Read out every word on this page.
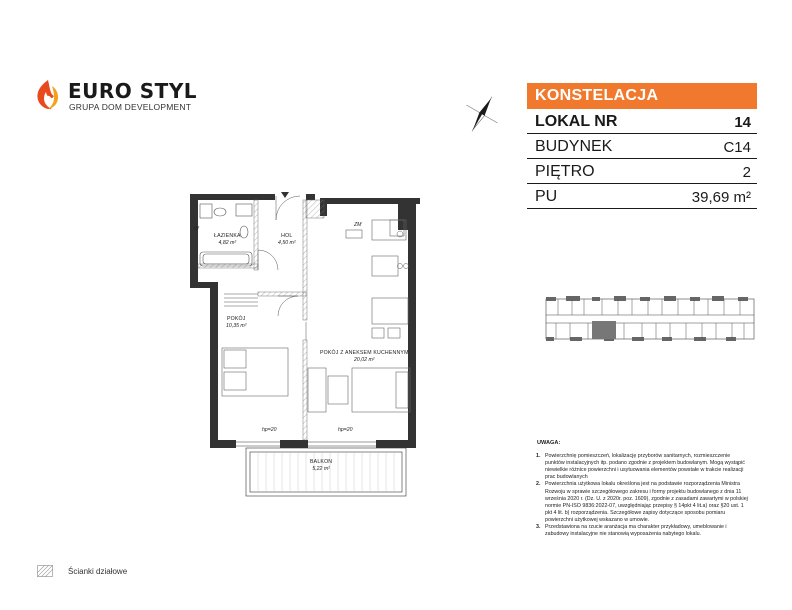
EURO STYL
GRUPA DOM DEVELOPMENT
KONSTELACJA
LOKAL NR	14
BUDYNEK	C14
PIĘTRO	2
PU	39,69 m²
ŁAZIENKA
4,82 m²
HOL
4,50 m²
POKÓJ
10,35 m²
POKÓJ Z ANEKSEM KUCHENNYM
20,02 m²
BALKON
5,22 m²
ZM
W
hp=20	hp=20
UWAGA:
1. Powierzchnię pomieszczeń, lokalizację przyborów sanitarnych, rozmieszczenie punktów instalacyjnych itp. podano zgodnie z projektem budowlanym. Mogą wystąpić niewielkie różnice powierzchni i usytuowania elementów powstałe w trakcie realizacji prac budowlanych
2. Powierzchnia użytkowa lokalu określona jest na podstawie rozporządzenia Ministra Rozwoju w sprawie szczegółowego zakresu i formy projektu budowlanego z dnia 11 września 2020 r. (Dz. U. z 2020r. poz. 1609), zgodnie z zasadami zawartymi w polskiej normie PN-ISO 9836:2022-07, uwzględniając przepisy § 14pkt 4 lit.a) oraz §20 ust. 1 pkt 4 lit. b) rozporządzenia. Szczegółowe zapisy dotyczące sposobu pomiaru powierzchni użytkowej wskazano w umowie.
3. Przedstawiona na rzucie aranżacja ma charakter przykładowy, umeblowanie i zabudowy instalacyjne nie stanowią wyposażenia nabytego lokalu.
Ścianki działowe
